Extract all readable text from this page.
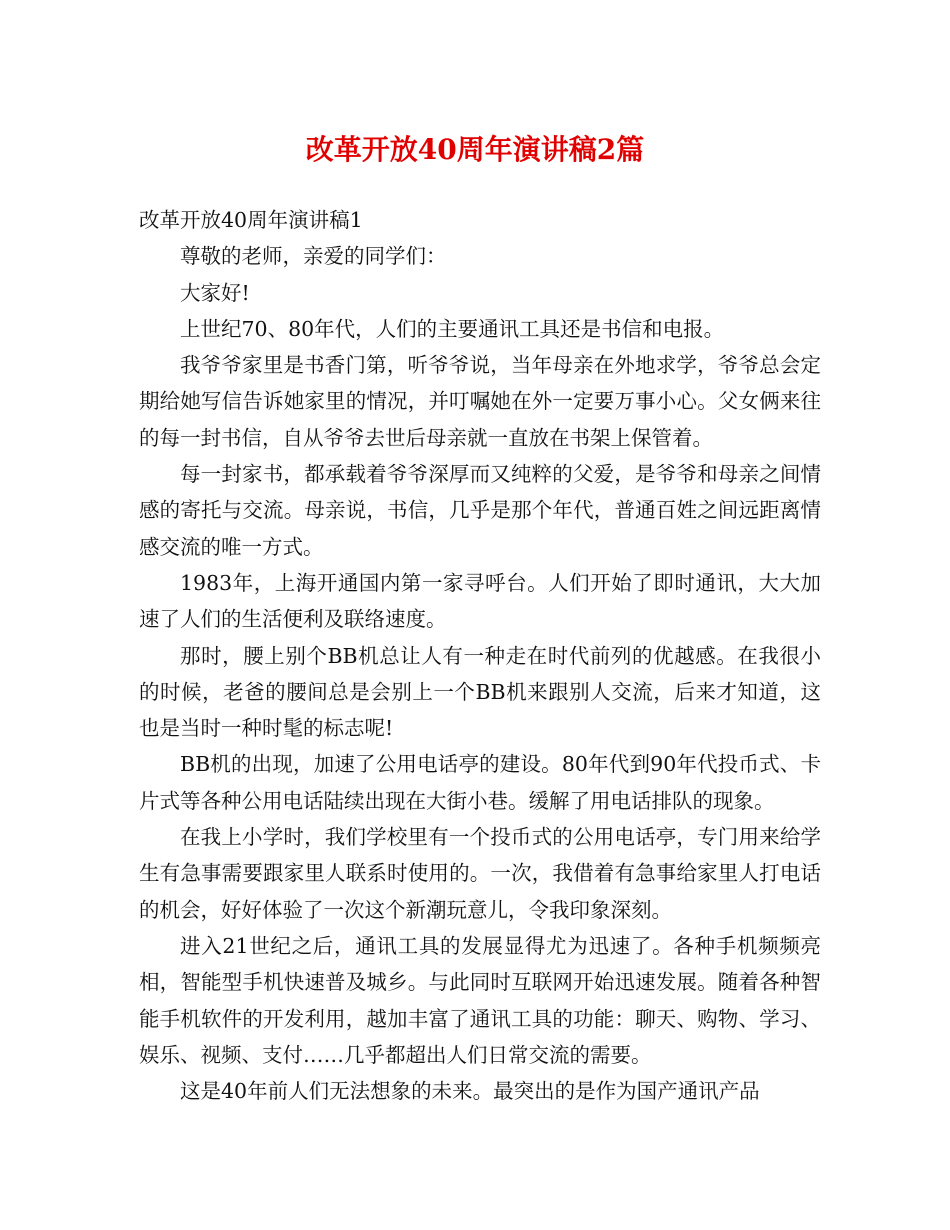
改革开放40周年演讲稿2篇

改革开放40周年演讲稿1

尊敬的老师，亲爱的同学们：

大家好!

上世纪70、80年代，人们的主要通讯工具还是书信和电报。

我爷爷家里是书香门第，听爷爷说，当年母亲在外地求学，爷爷总会定期给她写信告诉她家里的情况，并叮嘱她在外一定要万事小心。父女俩来往的每一封书信，自从爷爷去世后母亲就一直放在书架上保管着。

每一封家书，都承载着爷爷深厚而又纯粹的父爱，是爷爷和母亲之间情感的寄托与交流。母亲说，书信，几乎是那个年代，普通百姓之间远距离情感交流的唯一方式。

1983年，上海开通国内第一家寻呼台。人们开始了即时通讯，大大加速了人们的生活便利及联络速度。

那时，腰上别个BB机总让人有一种走在时代前列的优越感。在我很小的时候，老爸的腰间总是会别上一个BB机来跟别人交流，后来才知道，这也是当时一种时髦的标志呢!

BB机的出现，加速了公用电话亭的建设。80年代到90年代投币式、卡片式等各种公用电话陆续出现在大街小巷。缓解了用电话排队的现象。

在我上小学时，我们学校里有一个投币式的公用电话亭，专门用来给学生有急事需要跟家里人联系时使用的。一次，我借着有急事给家里人打电话的机会，好好体验了一次这个新潮玩意儿，令我印象深刻。

进入21世纪之后，通讯工具的发展显得尤为迅速了。各种手机频频亮相，智能型手机快速普及城乡。与此同时互联网开始迅速发展。随着各种智能手机软件的开发利用，越加丰富了通讯工具的功能：聊天、购物、学习、娱乐、视频、支付……几乎都超出人们日常交流的需要。

这是40年前人们无法想象的未来。最突出的是作为国产通讯产品
